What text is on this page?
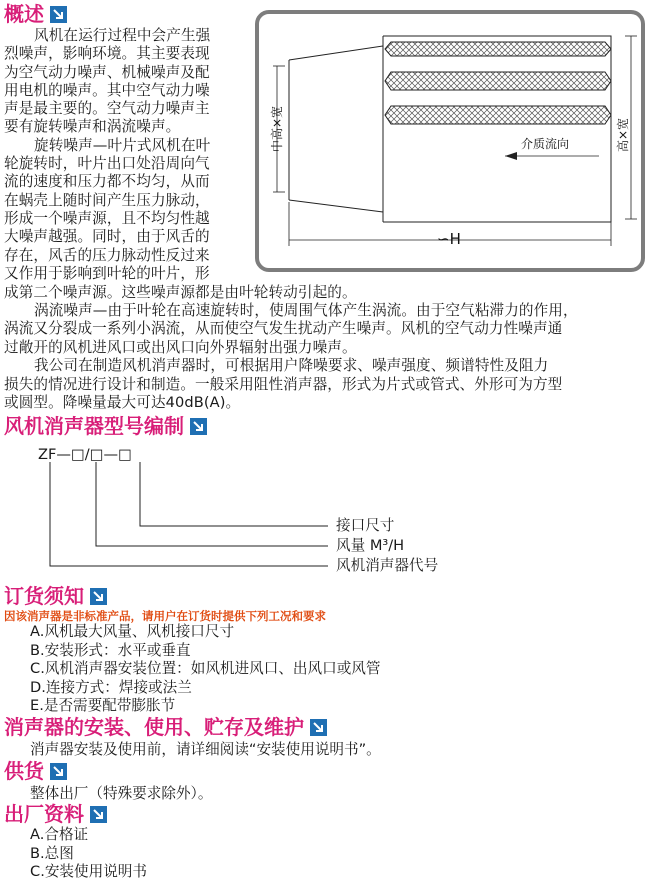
概述
风机在运行过程中会产生强
烈噪声，影响环境。其主要表现
为空气动力噪声、机械噪声及配
用电机的噪声。其中空气动力噪
声是最主要的。空气动力噪声主
要有旋转噪声和涡流噪声。
旋转噪声—叶片式风机在叶
轮旋转时，叶片出口处沿周向气
流的速度和压力都不均匀，从而
在蜗壳上随时间产生压力脉动，
形成一个噪声源，且不均匀性越
大噪声越强。同时，由于风舌的
存在，风舌的压力脉动性反过来
又作用于影响到叶轮的叶片，形
成第二个噪声源。这些噪声源都是由叶轮转动引起的。
涡流噪声—由于叶轮在高速旋转时，使周围气体产生涡流。由于空气粘滞力的作用，
涡流又分裂成一系列小涡流，从而使空气发生扰动产生噪声。风机的空气动力性噪声通
过敞开的风机进风口或出风口向外界辐射出强力噪声。
我公司在制造风机消声器时，可根据用户降噪要求、噪声强度、频谱特性及阻力
损失的情况进行设计和制造。一般采用阻性消声器，形式为片式或管式、外形可为方型
或圆型。降噪量最大可达40dB(A)。
中高×宽	高×宽
介质流向
∽H
风机消声器型号编制
ZF—□/□—□
接口尺寸
风量 M³/H
风机消声器代号
订货须知
因该消声器是非标准产品，请用户在订货时提供下列工况和要求
A.风机最大风量、风机接口尺寸
B.安装形式：水平或垂直
C.风机消声器安装位置：如风机进风口、出风口或风管
D.连接方式：焊接或法兰
E.是否需要配带膨胀节
消声器的安装、使用、贮存及维护
消声器安装及使用前，请详细阅读“安装使用说明书”。
供货
整体出厂（特殊要求除外）。
出厂资料
A.合格证
B.总图
C.安装使用说明书
